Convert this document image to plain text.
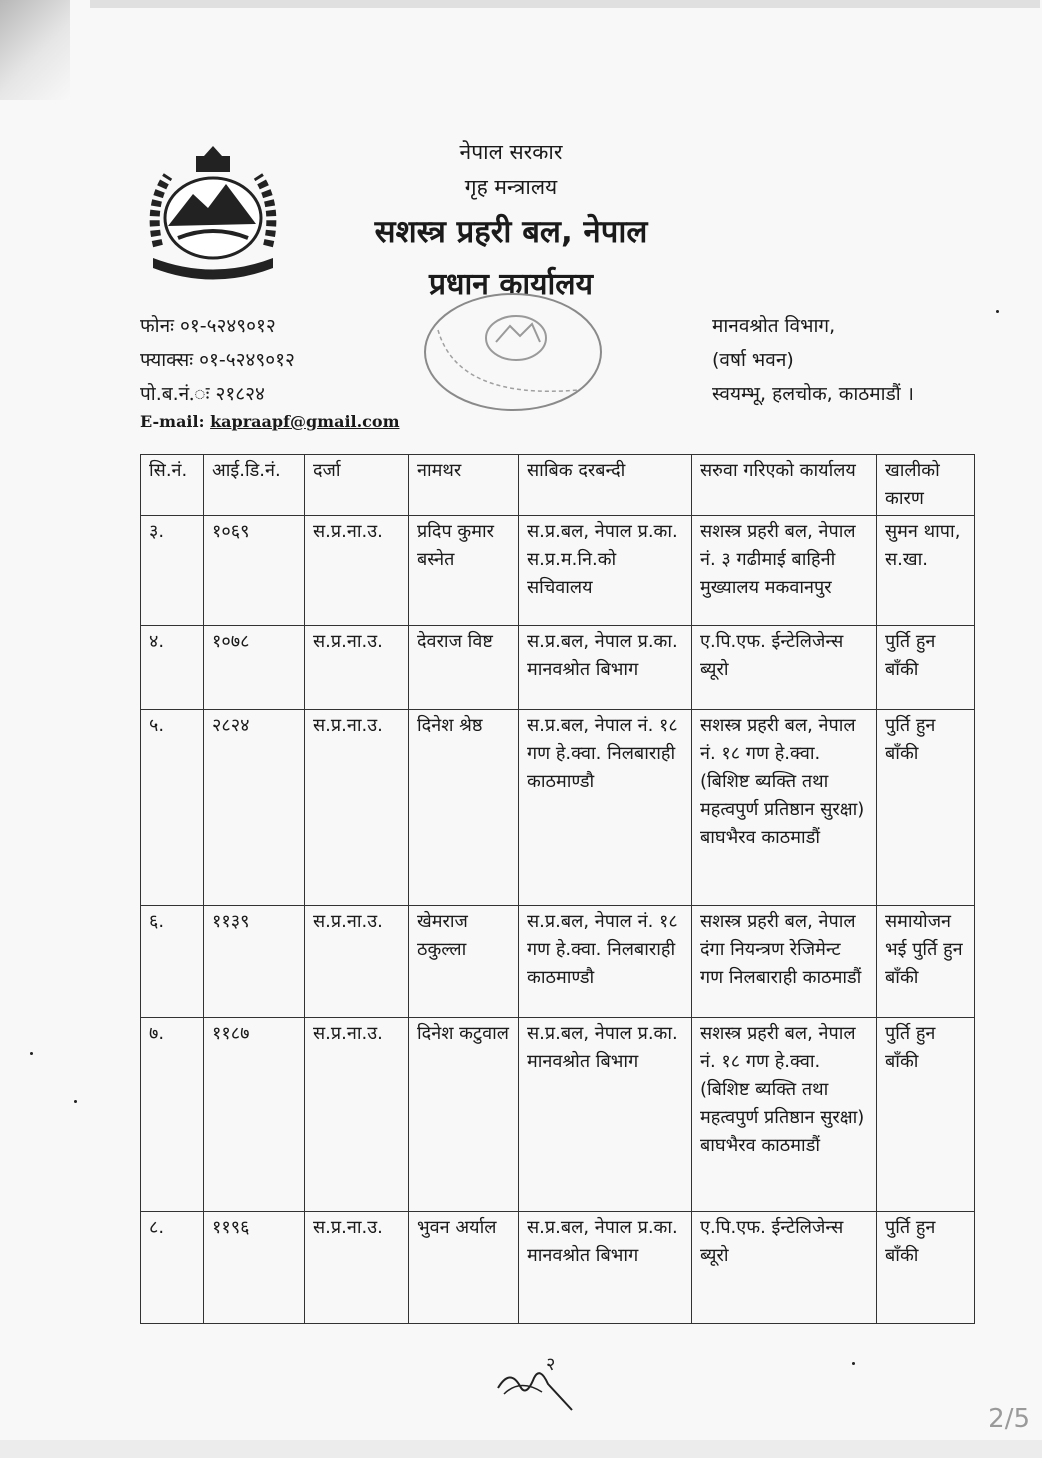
नेपाल सरकार
गृह मन्त्रालय
सशस्त्र प्रहरी बल, नेपाल
प्रधान कार्यालय
फोनः ०१-५२४९०१२
फ्याक्सः ०१-५२४९०१२
पो.ब.नं.ः २१८२४
E-mail: kapraapf@gmail.com
मानवश्रोत विभाग,
(वर्षा भवन)
स्वयम्भू, हलचोक, काठमाडौं ।
सि.नं.	आई.डि.नं.	दर्जा	नामथर	साबिक दरबन्दी	सरुवा गरिएको कार्यालय	खालीको कारण
३.	१०६९	स.प्र.ना.उ.	प्रदिप कुमार बस्नेत	स.प्र.बल, नेपाल प्र.का. स.प्र.म.नि.को सचिवालय	सशस्त्र प्रहरी बल, नेपाल नं. ३ गढीमाई बाहिनी मुख्यालय मकवानपुर	सुमन थापा, स.खा.
४.	१०७८	स.प्र.ना.उ.	देवराज विष्ट	स.प्र.बल, नेपाल प्र.का. मानवश्रोत बिभाग	ए.पि.एफ. ईन्टेलिजेन्स ब्यूरो	पुर्ति हुन बाँकी
५.	२८२४	स.प्र.ना.उ.	दिनेश श्रेष्ठ	स.प्र.बल, नेपाल नं. १८ गण हे.क्वा. निलबाराही काठमाण्डौ	सशस्त्र प्रहरी बल, नेपाल नं. १८ गण हे.क्वा. (बिशिष्ट ब्यक्ति तथा महत्वपुर्ण प्रतिष्ठान सुरक्षा) बाघभैरव काठमाडौं	पुर्ति हुन बाँकी
६.	११३९	स.प्र.ना.उ.	खेमराज ठकुल्ला	स.प्र.बल, नेपाल नं. १८ गण हे.क्वा. निलबाराही काठमाण्डौ	सशस्त्र प्रहरी बल, नेपाल दंगा नियन्त्रण रेजिमेन्ट गण निलबाराही काठमाडौं	समायोजन भई पुर्ति हुन बाँकी
७.	११८७	स.प्र.ना.उ.	दिनेश कटुवाल	स.प्र.बल, नेपाल प्र.का. मानवश्रोत बिभाग	सशस्त्र प्रहरी बल, नेपाल नं. १८ गण हे.क्वा. (बिशिष्ट ब्यक्ति तथा महत्वपुर्ण प्रतिष्ठान सुरक्षा) बाघभैरव काठमाडौं	पुर्ति हुन बाँकी
८.	११९६	स.प्र.ना.उ.	भुवन अर्याल	स.प्र.बल, नेपाल प्र.का. मानवश्रोत बिभाग	ए.पि.एफ. ईन्टेलिजेन्स ब्यूरो	पुर्ति हुन बाँकी
२
2/5
